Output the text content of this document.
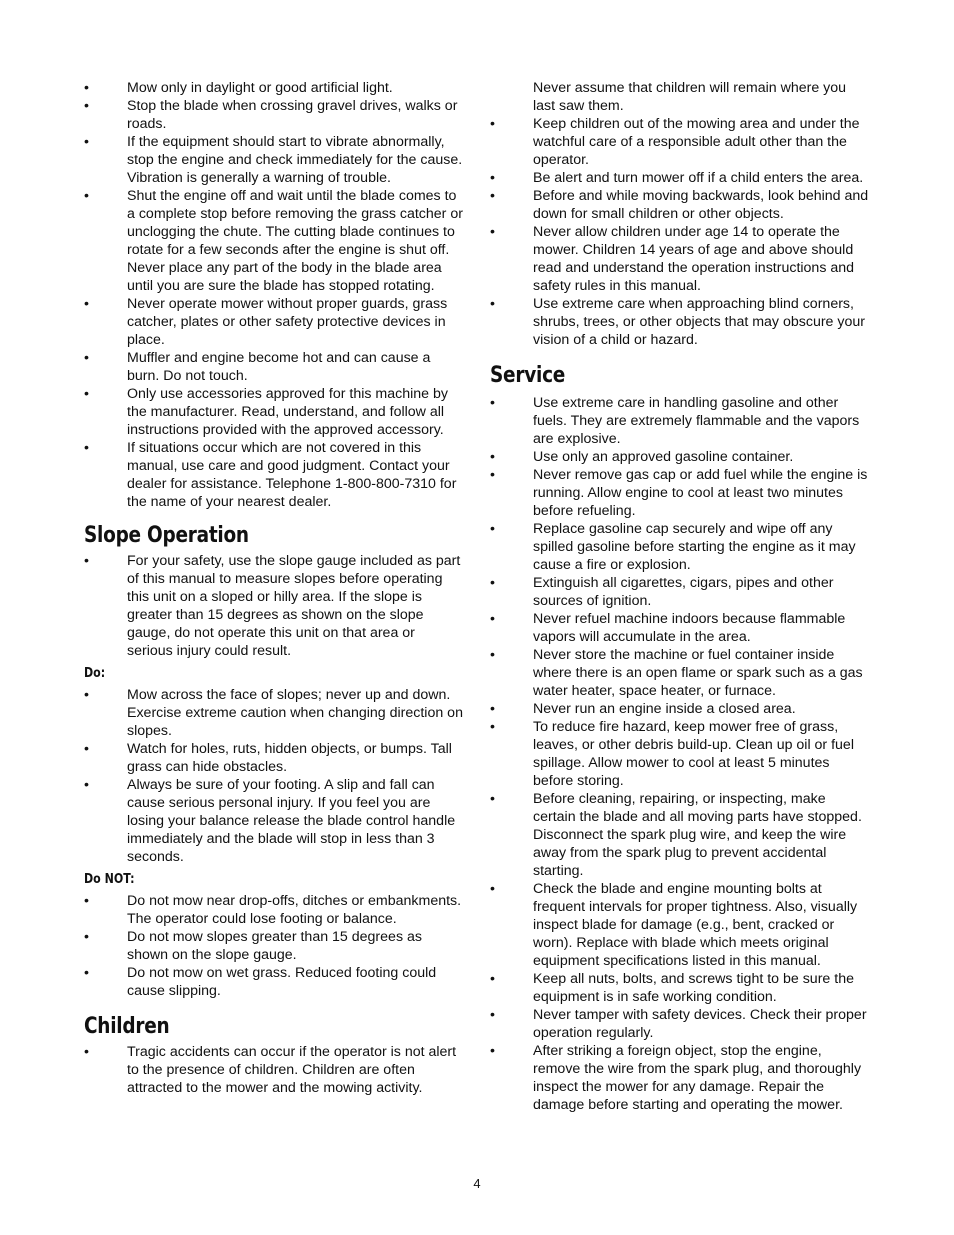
• Mow only in daylight or good artificial light.
• Stop the blade when crossing gravel drives, walks or roads.
• If the equipment should start to vibrate abnormally, stop the engine and check immediately for the cause. Vibration is generally a warning of trouble.
• Shut the engine off and wait until the blade comes to a complete stop before removing the grass catcher or unclogging the chute. The cutting blade continues to rotate for a few seconds after the engine is shut off. Never place any part of the body in the blade area until you are sure the blade has stopped rotating.
• Never operate mower without proper guards, grass catcher, plates or other safety protective devices in place.
• Muffler and engine become hot and can cause a burn. Do not touch.
• Only use accessories approved for this machine by the manufacturer. Read, understand, and follow all instructions provided with the approved accessory.
• If situations occur which are not covered in this manual, use care and good judgment. Contact your dealer for assistance. Telephone 1-800-800-7310 for the name of your nearest dealer.
Slope Operation
• For your safety, use the slope gauge included as part of this manual to measure slopes before operating this unit on a sloped or hilly area. If the slope is greater than 15 degrees as shown on the slope gauge, do not operate this unit on that area or serious injury could result.
Do:
• Mow across the face of slopes; never up and down. Exercise extreme caution when changing direction on slopes.
• Watch for holes, ruts, hidden objects, or bumps. Tall grass can hide obstacles.
• Always be sure of your footing. A slip and fall can cause serious personal injury. If you feel you are losing your balance release the blade control handle immediately and the blade will stop in less than 3 seconds.
Do NOT:
• Do not mow near drop-offs, ditches or embankments. The operator could lose footing or balance.
• Do not mow slopes greater than 15 degrees as shown on the slope gauge.
• Do not mow on wet grass. Reduced footing could cause slipping.
Children
• Tragic accidents can occur if the operator is not alert to the presence of children. Children are often attracted to the mower and the mowing activity.
Never assume that children will remain where you last saw them.
• Keep children out of the mowing area and under the watchful care of a responsible adult other than the operator.
• Be alert and turn mower off if a child enters the area.
• Before and while moving backwards, look behind and down for small children or other objects.
• Never allow children under age 14 to operate the mower. Children 14 years of age and above should read and understand the operation instructions and safety rules in this manual.
• Use extreme care when approaching blind corners, shrubs, trees, or other objects that may obscure your vision of a child or hazard.
Service
• Use extreme care in handling gasoline and other fuels. They are extremely flammable and the vapors are explosive.
• Use only an approved gasoline container.
• Never remove gas cap or add fuel while the engine is running. Allow engine to cool at least two minutes before refueling.
• Replace gasoline cap securely and wipe off any spilled gasoline before starting the engine as it may cause a fire or explosion.
• Extinguish all cigarettes, cigars, pipes and other sources of ignition.
• Never refuel machine indoors because flammable vapors will accumulate in the area.
• Never store the machine or fuel container inside where there is an open flame or spark such as a gas water heater, space heater, or furnace.
• Never run an engine inside a closed area.
• To reduce fire hazard, keep mower free of grass, leaves, or other debris build-up. Clean up oil or fuel spillage. Allow mower to cool at least 5 minutes before storing.
• Before cleaning, repairing, or inspecting, make certain the blade and all moving parts have stopped. Disconnect the spark plug wire, and keep the wire away from the spark plug to prevent accidental starting.
• Check the blade and engine mounting bolts at frequent intervals for proper tightness. Also, visually inspect blade for damage (e.g., bent, cracked or worn). Replace with blade which meets original equipment specifications listed in this manual.
• Keep all nuts, bolts, and screws tight to be sure the equipment is in safe working condition.
• Never tamper with safety devices. Check their proper operation regularly.
• After striking a foreign object, stop the engine, remove the wire from the spark plug, and thoroughly inspect the mower for any damage. Repair the damage before starting and operating the mower.
4
